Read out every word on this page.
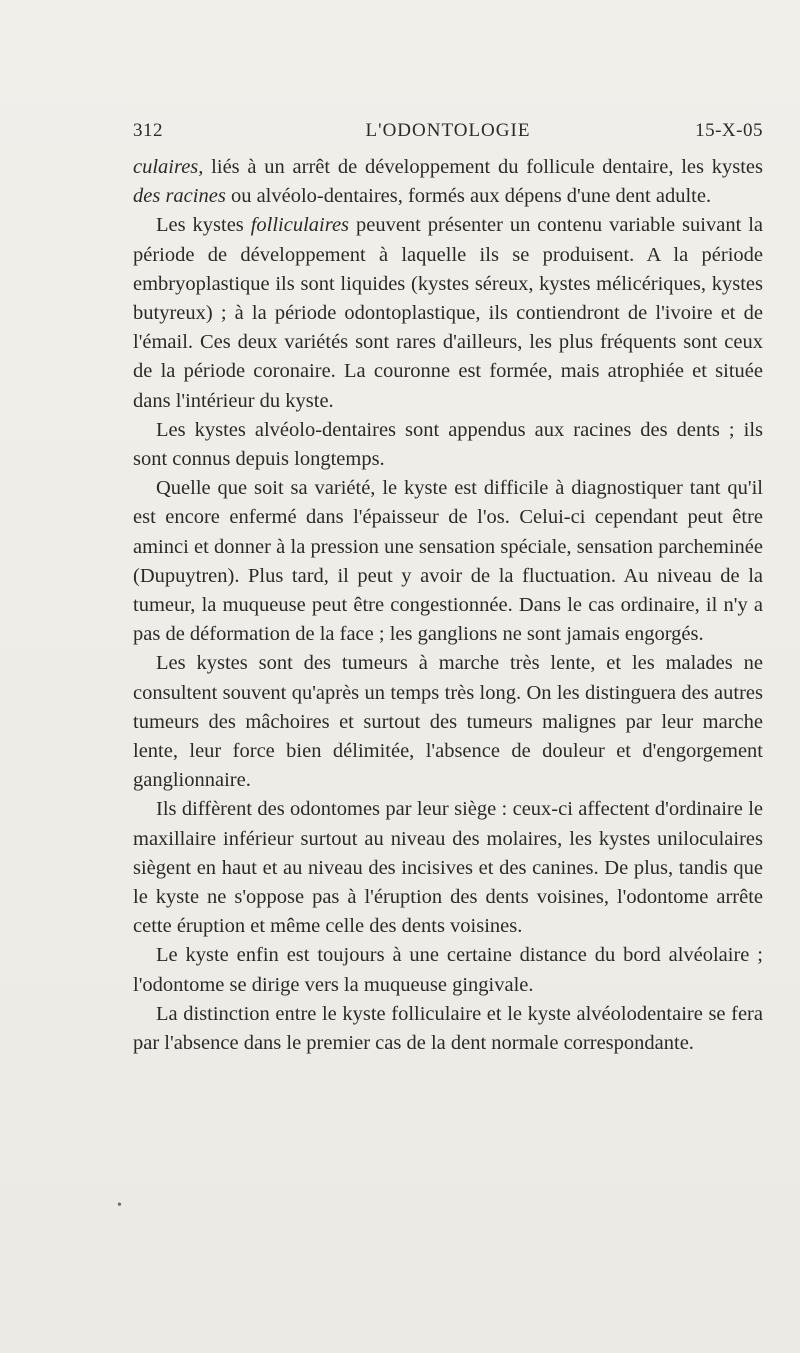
312	L'ODONTOLOGIE	15-X-05

culaires, liés à un arrêt de développement du follicule dentaire, les kystes des racines ou alvéolo-dentaires, formés aux dépens d'une dent adulte.

Les kystes folliculaires peuvent présenter un contenu variable suivant la période de développement à laquelle ils se produisent. A la période embryoplastique ils sont liquides (kystes séreux, kystes mélicériques, kystes butyreux) ; à la période odontoplastique, ils contiendront de l'ivoire et de l'émail. Ces deux variétés sont rares d'ailleurs, les plus fréquents sont ceux de la période coronaire. La couronne est formée, mais atrophiée et située dans l'intérieur du kyste.

Les kystes alvéolo-dentaires sont appendus aux racines des dents ; ils sont connus depuis longtemps.

Quelle que soit sa variété, le kyste est difficile à diagnostiquer tant qu'il est encore enfermé dans l'épaisseur de l'os. Celui-ci cependant peut être aminci et donner à la pression une sensation spéciale, sensation parcheminée (Dupuytren). Plus tard, il peut y avoir de la fluctuation. Au niveau de la tumeur, la muqueuse peut être congestionnée. Dans le cas ordinaire, il n'y a pas de déformation de la face ; les ganglions ne sont jamais engorgés.

Les kystes sont des tumeurs à marche très lente, et les malades ne consultent souvent qu'après un temps très long. On les distinguera des autres tumeurs des mâchoires et surtout des tumeurs malignes par leur marche lente, leur force bien délimitée, l'absence de douleur et d'engorgement ganglionnaire.

Ils diffèrent des odontomes par leur siège : ceux-ci affectent d'ordinaire le maxillaire inférieur surtout au niveau des molaires, les kystes uniloculaires siègent en haut et au niveau des incisives et des canines. De plus, tandis que le kyste ne s'oppose pas à l'éruption des dents voisines, l'odontome arrête cette éruption et même celle des dents voisines.

Le kyste enfin est toujours à une certaine distance du bord alvéolaire ; l'odontome se dirige vers la muqueuse gingivale.

La distinction entre le kyste folliculaire et le kyste alvéolodentaire se fera par l'absence dans le premier cas de la dent normale correspondante.

•
